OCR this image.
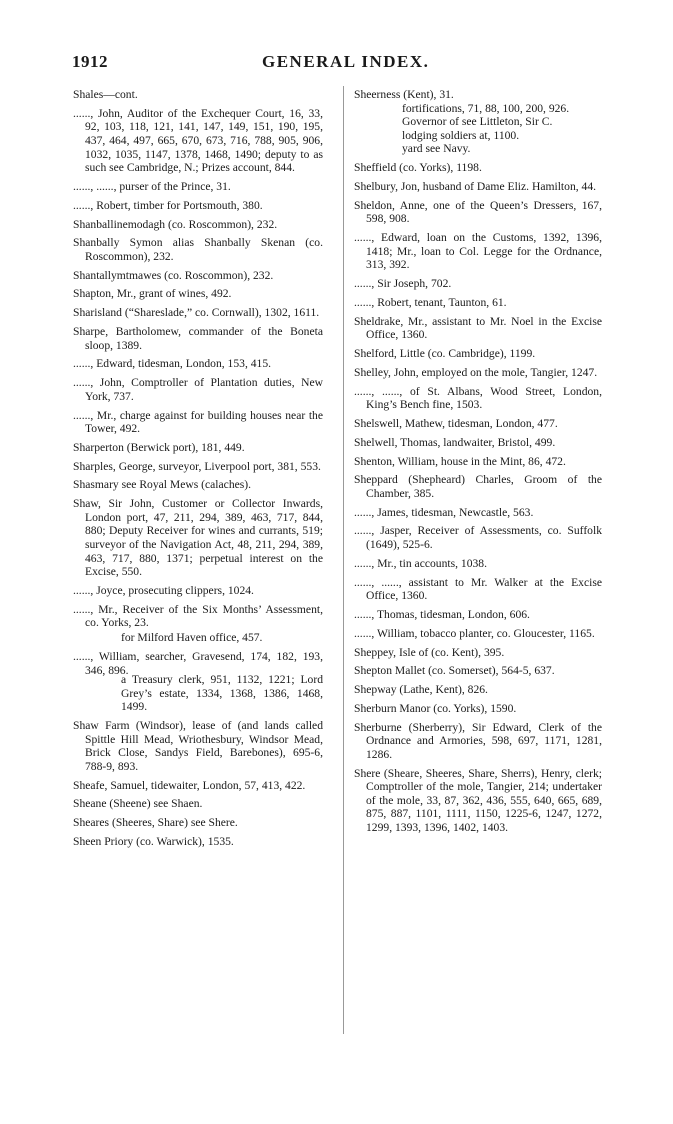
1912	GENERAL INDEX.

Shales—cont.

......, John, Auditor of the Exchequer Court, 16, 33, 92, 103, 118, 121, 141, 147, 149, 151, 190, 195, 437, 464, 497, 665, 670, 673, 716, 788, 905, 906, 1032, 1035, 1147, 1378, 1468, 1490; deputy to as such see Cambridge, N.; Prizes account, 844.

......, ......, purser of the Prince, 31.

......, Robert, timber for Portsmouth, 380.

Shanballinemodagh (co. Roscommon), 232.

Shanbally Symon alias Shanbally Skenan (co. Roscommon), 232.

Shantallymtmawes (co. Roscommon), 232.

Shapton, Mr., grant of wines, 492.

Sharisland (“Shareslade,” co. Cornwall), 1302, 1611.

Sharpe, Bartholomew, commander of the Boneta sloop, 1389.

......, Edward, tidesman, London, 153, 415.

......, John, Comptroller of Plantation duties, New York, 737.

......, Mr., charge against for building houses near the Tower, 492.

Sharperton (Berwick port), 181, 449.

Sharples, George, surveyor, Liverpool port, 381, 553.

Shasmary see Royal Mews (calaches).

Shaw, Sir John, Customer or Collector Inwards, London port, 47, 211, 294, 389, 463, 717, 844, 880; Deputy Receiver for wines and currants, 519; surveyor of the Navigation Act, 48, 211, 294, 389, 463, 717, 880, 1371; perpetual interest on the Excise, 550.

......, Joyce, prosecuting clippers, 1024.

......, Mr., Receiver of the Six Months’ Assessment, co. Yorks, 23.

for Milford Haven office, 457.

......, William, searcher, Gravesend, 174, 182, 193, 346, 896.

a Treasury clerk, 951, 1132, 1221; Lord Grey’s estate, 1334, 1368, 1386, 1468, 1499.

Shaw Farm (Windsor), lease of (and lands called Spittle Hill Mead, Wriothesbury, Windsor Mead, Brick Close, Sandys Field, Barebones), 695-6, 788-9, 893.

Sheafe, Samuel, tidewaiter, London, 57, 413, 422.

Sheane (Sheene) see Shaen.

Sheares (Sheeres, Share) see Shere.

Sheen Priory (co. Warwick), 1535.

Sheerness (Kent), 31.

fortifications, 71, 88, 100, 200, 926.

Governor of see Littleton, Sir C.

lodging soldiers at, 1100.

yard see Navy.

Sheffield (co. Yorks), 1198.

Shelbury, Jon, husband of Dame Eliz. Hamilton, 44.

Sheldon, Anne, one of the Queen’s Dressers, 167, 598, 908.

......, Edward, loan on the Customs, 1392, 1396, 1418; Mr., loan to Col. Legge for the Ordnance, 313, 392.

......, Sir Joseph, 702.

......, Robert, tenant, Taunton, 61.

Sheldrake, Mr., assistant to Mr. Noel in the Excise Office, 1360.

Shelford, Little (co. Cambridge), 1199.

Shelley, John, employed on the mole, Tangier, 1247.

......, ......, of St. Albans, Wood Street, London, King’s Bench fine, 1503.

Shelswell, Mathew, tidesman, London, 477.

Shelwell, Thomas, landwaiter, Bristol, 499.

Shenton, William, house in the Mint, 86, 472.

Sheppard (Shepheard) Charles, Groom of the Chamber, 385.

......, James, tidesman, Newcastle, 563.

......, Jasper, Receiver of Assessments, co. Suffolk (1649), 525-6.

......, Mr., tin accounts, 1038.

......, ......, assistant to Mr. Walker at the Excise Office, 1360.

......, Thomas, tidesman, London, 606.

......, William, tobacco planter, co. Gloucester, 1165.

Sheppey, Isle of (co. Kent), 395.

Shepton Mallet (co. Somerset), 564-5, 637.

Shepway (Lathe, Kent), 826.

Sherburn Manor (co. Yorks), 1590.

Sherburne (Sherberry), Sir Edward, Clerk of the Ordnance and Armories, 598, 697, 1171, 1281, 1286.

Shere (Sheare, Sheeres, Share, Sherrs), Henry, clerk; Comptroller of the mole, Tangier, 214; undertaker of the mole, 33, 87, 362, 436, 555, 640, 665, 689, 875, 887, 1101, 1111, 1150, 1225-6, 1247, 1272, 1299, 1393, 1396, 1402, 1403.
